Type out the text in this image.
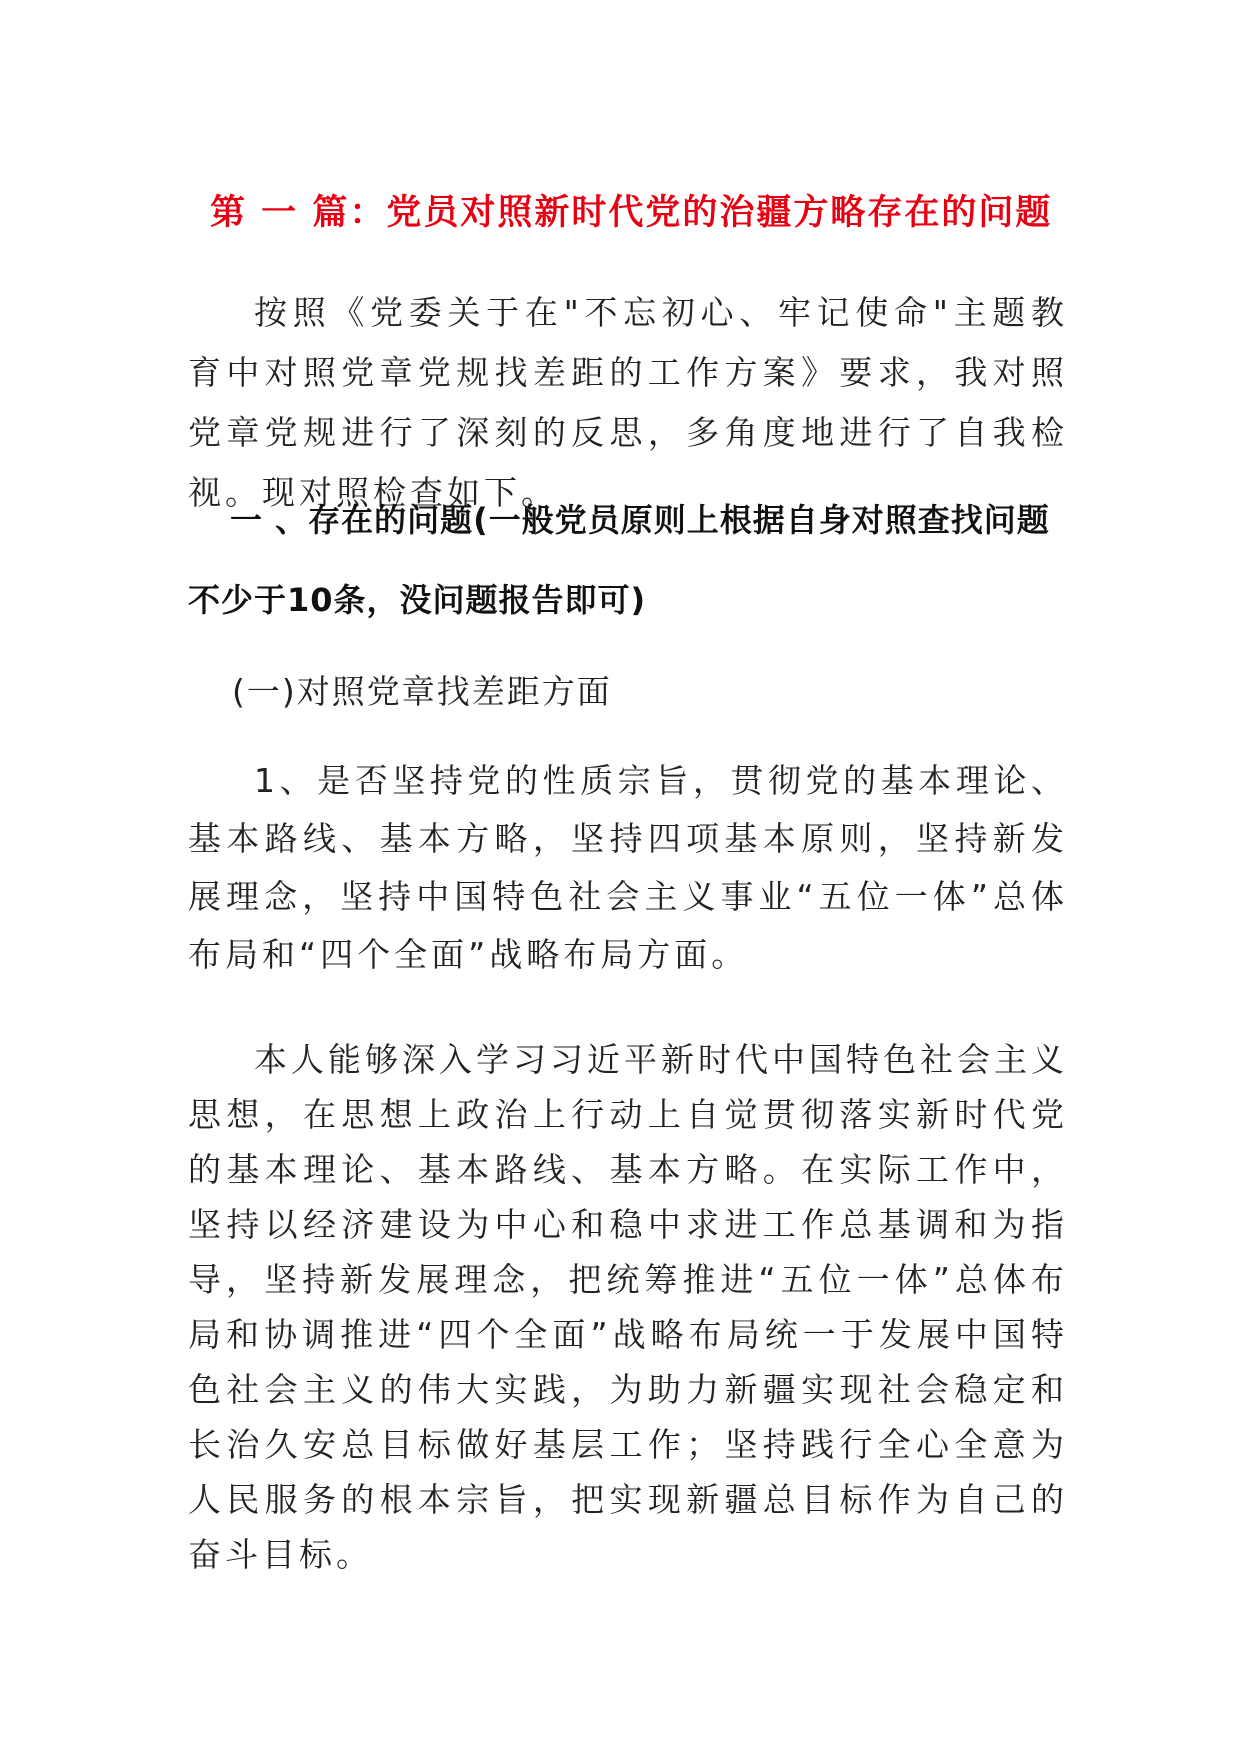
第 一 篇：党员对照新时代党的治疆方略存在的问题
按照《党委关于在"不忘初心、牢记使命"主题教育中对照党章党规找差距的工作方案》要求，我对照党章党规进行了深刻的反思，多角度地进行了自我检视。现对照检查如下。
一 、存在的问题(一般党员原则上根据自身对照查找问题
不少于10条，没问题报告即可)
(一)对照党章找差距方面
1、是否坚持党的性质宗旨，贯彻党的基本理论、基本路线、基本方略，坚持四项基本原则，坚持新发展理念，坚持中国特色社会主义事业“五位一体”总体布局和“四个全面”战略布局方面。
本人能够深入学习习近平新时代中国特色社会主义思想，在思想上政治上行动上自觉贯彻落实新时代党的基本理论、基本路线、基本方略。在实际工作中，坚持以经济建设为中心和稳中求进工作总基调和为指导，坚持新发展理念，把统筹推进“五位一体”总体布局和协调推进“四个全面”战略布局统一于发展中国特色社会主义的伟大实践，为助力新疆实现社会稳定和长治久安总目标做好基层工作；坚持践行全心全意为人民服务的根本宗旨，把实现新疆总目标作为自己的奋斗目标。
